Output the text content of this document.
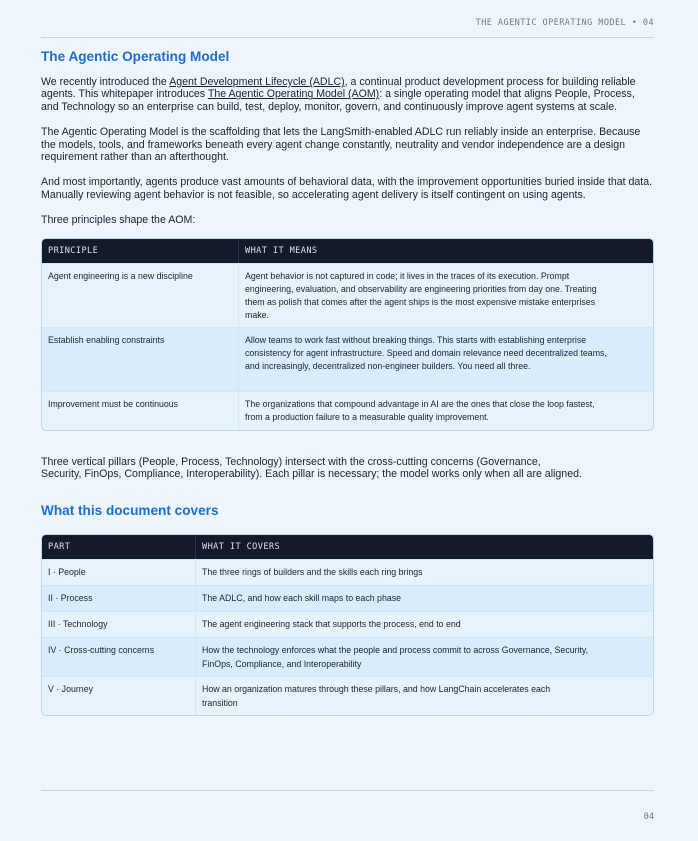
THE AGENTIC OPERATING MODEL • 04
The Agentic Operating Model

We recently introduced the Agent Development Lifecycle (ADLC), a continual product development process for building reliable agents. This whitepaper introduces The Agentic Operating Model (AOM): a single operating model that aligns People, Process, and Technology so an enterprise can build, test, deploy, monitor, govern, and continuously improve agent systems at scale.

The Agentic Operating Model is the scaffolding that lets the LangSmith-enabled ADLC run reliably inside an enterprise. Because the models, tools, and frameworks beneath every agent change constantly, neutrality and vendor independence are a design requirement rather than an afterthought.

And most importantly, agents produce vast amounts of behavioral data, with the improvement opportunities buried inside that data. Manually reviewing agent behavior is not feasible, so accelerating agent delivery is itself contingent on using agents.

Three principles shape the AOM:

PRINCIPLE	WHAT IT MEANS
Agent engineering is a new discipline	Agent behavior is not captured in code; it lives in the traces of its execution. Prompt engineering, evaluation, and observability are engineering priorities from day one. Treating them as polish that comes after the agent ships is the most expensive mistake enterprises make.
Establish enabling constraints	Allow teams to work fast without breaking things. This starts with establishing enterprise consistency for agent infrastructure. Speed and domain relevance need decentralized teams, and increasingly, decentralized non-engineer builders. You need all three.
Improvement must be continuous	The organizations that compound advantage in AI are the ones that close the loop fastest, from a production failure to a measurable quality improvement.

Three vertical pillars (People, Process, Technology) intersect with the cross-cutting concerns (Governance, Security, FinOps, Compliance, Interoperability). Each pillar is necessary; the model works only when all are aligned.

What this document covers
PART	WHAT IT COVERS
I · People	The three rings of builders and the skills each ring brings
II · Process	The ADLC, and how each skill maps to each phase
III · Technology	The agent engineering stack that supports the process, end to end
IV · Cross-cutting concerns	How the technology enforces what the people and process commit to across Governance, Security, FinOps, Compliance, and Interoperability
V · Journey	How an organization matures through these pillars, and how LangChain accelerates each transition
04
